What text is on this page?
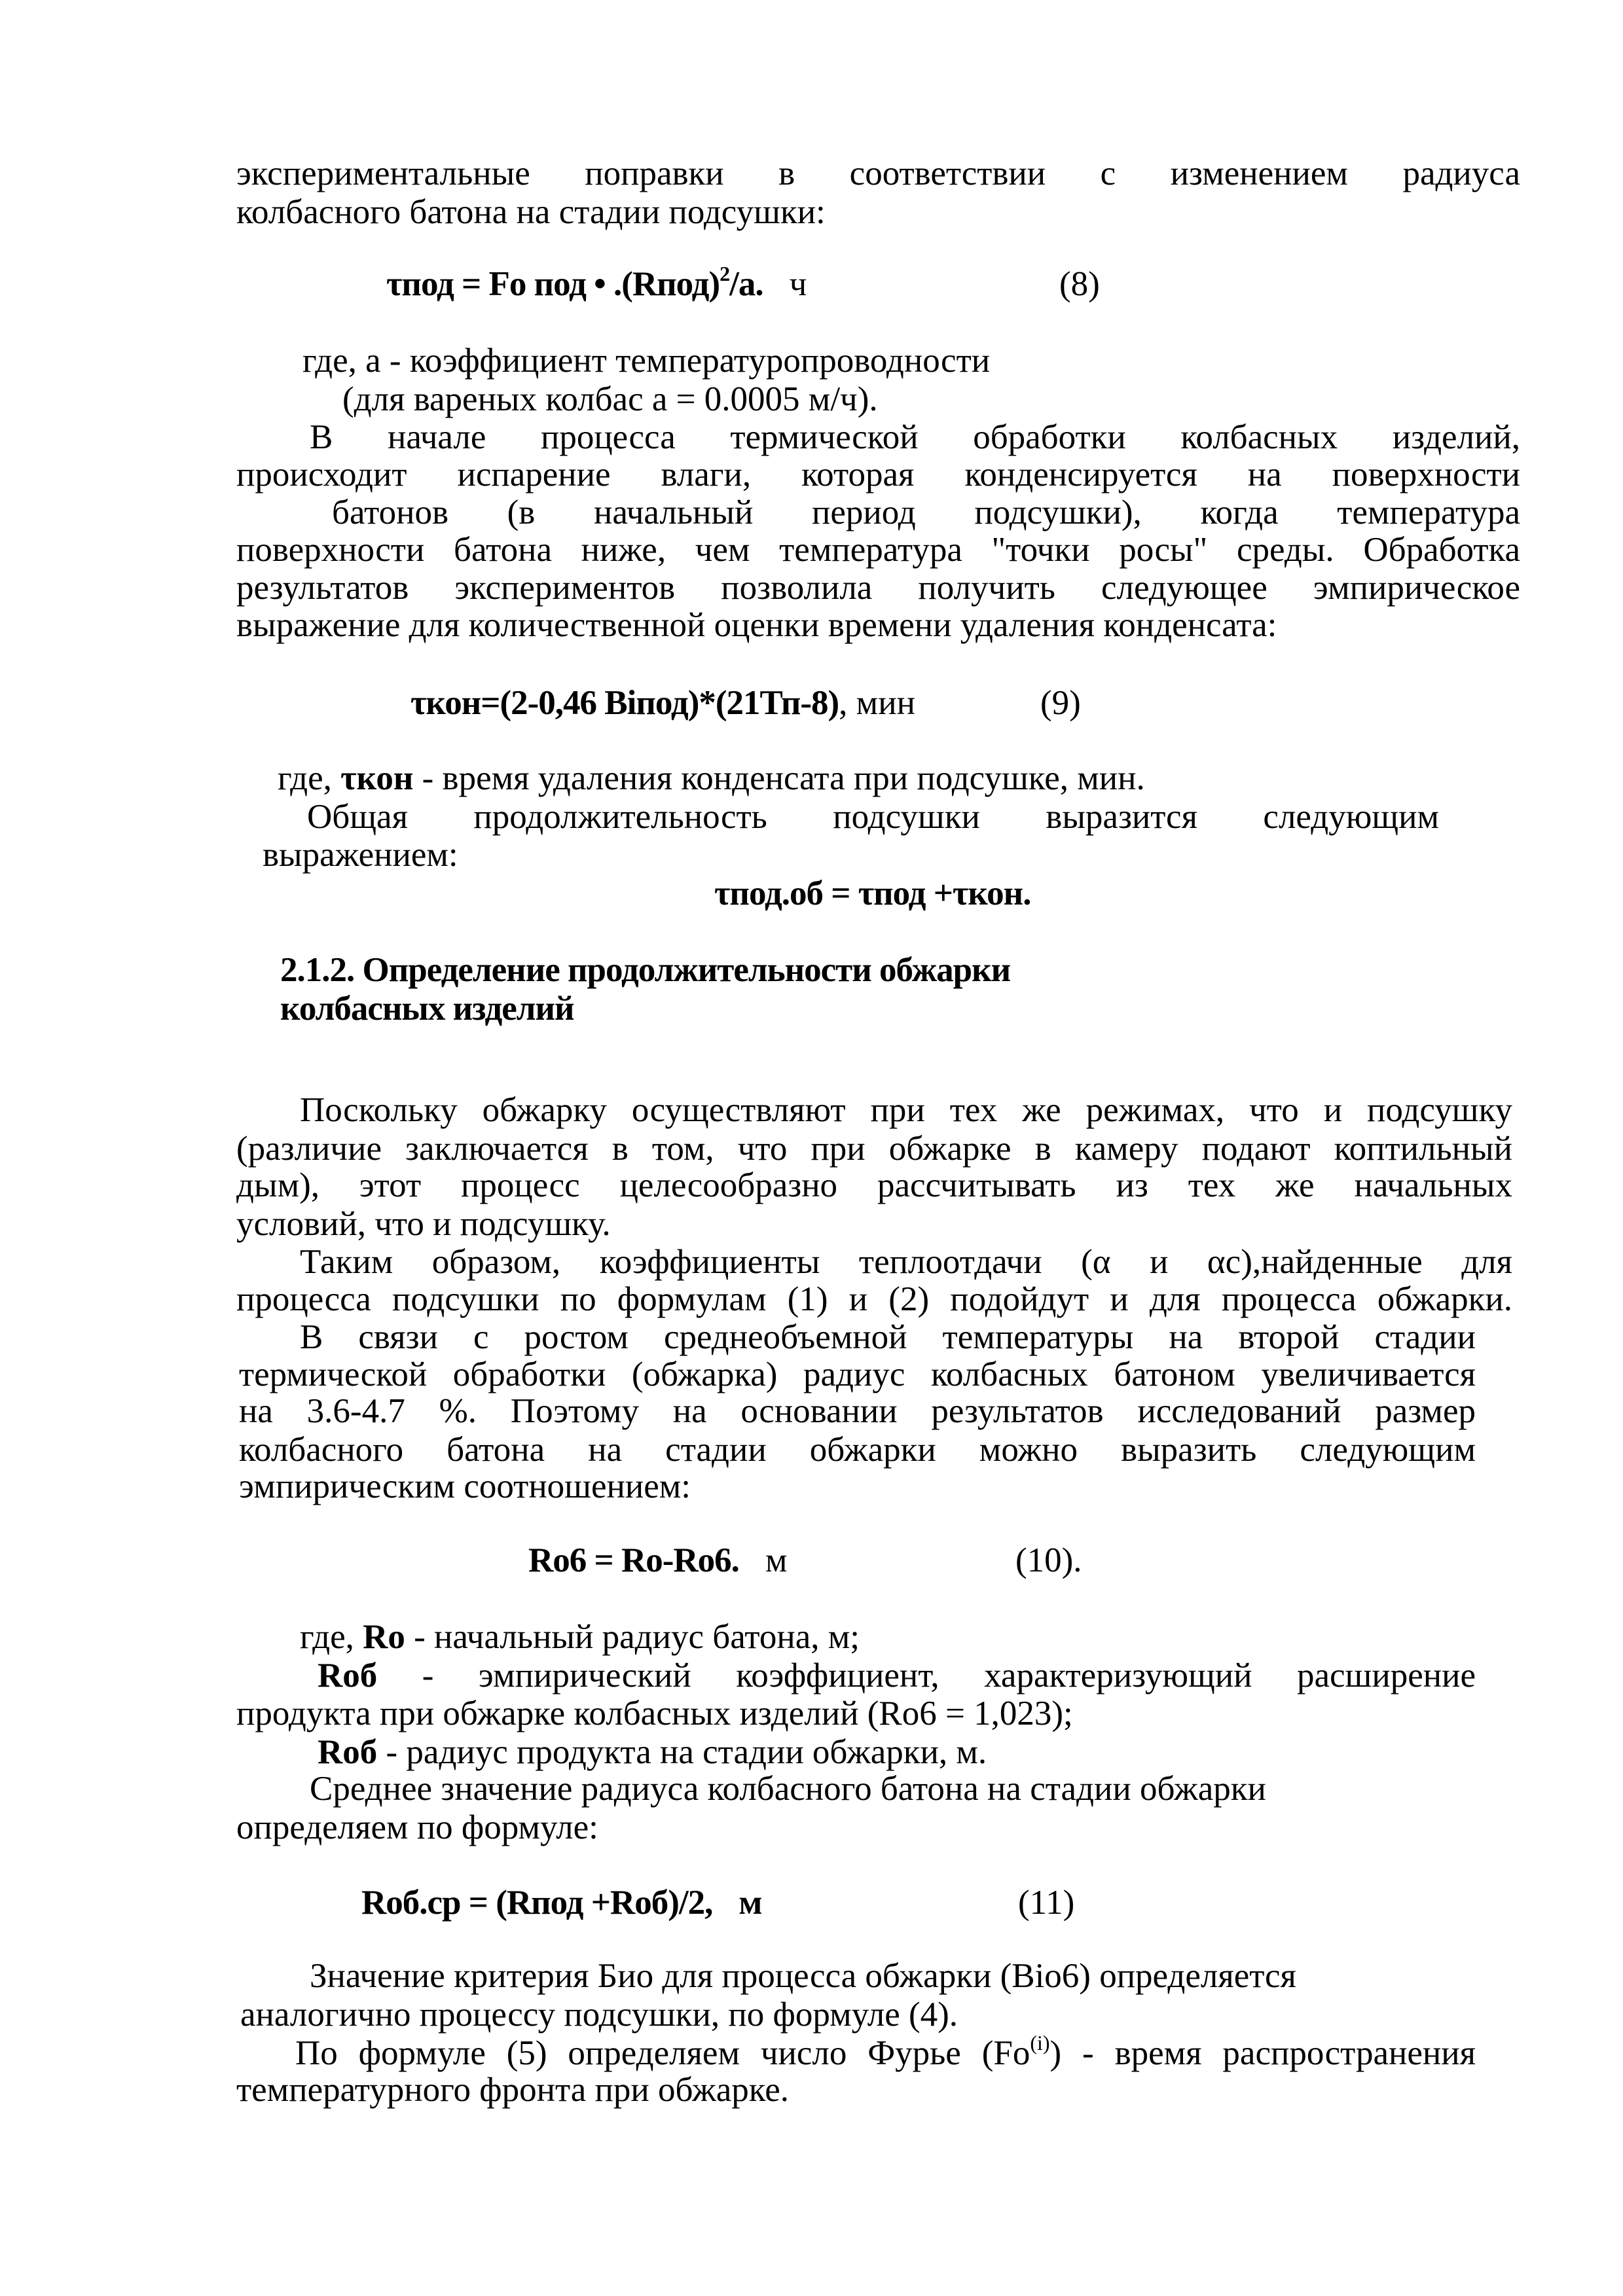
экспериментальные поправки в соответствии с изменением радиуса
колбасного батона на стадии подсушки:
τпод = Fo под • .(Rпод)$^2$/a. ч	(8)
где, а - коэффициент температуропроводности
(для вареных колбас а = 0.0005 м/ч).
В начале процесса термической обработки колбасных изделий,
происходит испарение влаги, которая конденсируется на поверхности
батонов (в начальный период подсушки), когда температура
поверхности батона ниже, чем температура "точки росы" среды. Обработка
результатов экспериментов позволила получить следующее эмпирическое
выражение для количественной оценки времени удаления конденсата:
τкон=(2-0,46 Biпод)*(21Тп-8), мин	(9)
где, τкон - время удаления конденсата при подсушке, мин.
Общая продолжительность подсушки выразится следующим
выражением:
τпод.об = τпод +τкон.
2.1.2. Определение продолжительности обжарки
колбасных изделий
Поскольку обжарку осуществляют при тех же режимах, что и подсушку
(различие заключается в том, что при обжарке в камеру подают коптильный
дым), этот процесс целесообразно рассчитывать из тех же начальных
условий, что и подсушку.
Таким образом, коэффициенты теплоотдачи (α и αс),найденные для
процесса подсушки по формулам (1) и (2) подойдут и для процесса обжарки.
В связи с ростом среднеобъемной температуры на второй стадии
термической обработки (обжарка) радиус колбасных батоном увеличивается
на 3.6-4.7 %. Поэтому на основании результатов исследований размер
колбасного батона на стадии обжарки можно выразить следующим
эмпирическим соотношением:
Rо6 = Ro-Rо6. м	(10).
где, Ro - начальный радиус батона, м;
Rоб - эмпирический коэффициент, характеризующий расширение
продукта при обжарке колбасных изделий (Rо6 = 1,023);
Rоб - радиус продукта на стадии обжарки, м.
Среднее значение радиуса колбасного батона на стадии обжарки
определяем по формуле:
Rоб.ср = (Rпод +Rоб)/2, м	(11)
Значение критерия Био для процесса обжарки (Bio6) определяется
аналогично процессу подсушки, по формуле (4).
По формуле (5) определяем число Фурье (Fo$^{(i)}$) - время распространения
температурного фронта при обжарке.
